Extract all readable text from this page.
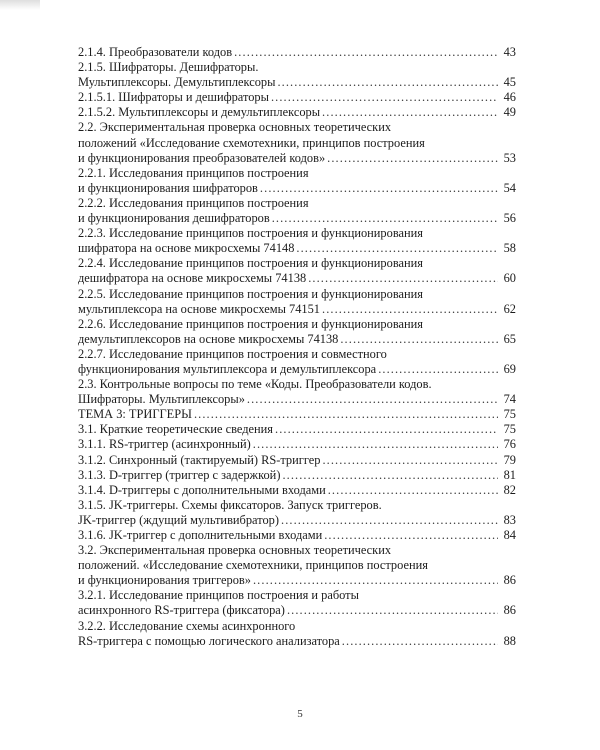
2.1.4. Преобразователи кодов . . .	43
2.1.5. Шифраторы. Дешифраторы.
Мультиплексоры. Демультиплексоры . . .	45
2.1.5.1. Шифраторы и дешифраторы . . .	46
2.1.5.2. Мультиплексоры и демультиплексоры . . .	49
2.2. Экспериментальная проверка основных теоретических
положений «Исследование схемотехники, принципов построения
и функционирования преобразователей кодов» . . .	53
2.2.1. Исследования принципов построения
и функционирования шифраторов . . .	54
2.2.2. Исследования принципов построения
и функционирования дешифраторов . . .	56
2.2.3. Исследование принципов построения и функционирования
шифратора на основе микросхемы 74148 . . .	58
2.2.4. Исследование принципов построения и функционирования
дешифратора на основе микросхемы 74138 . . .	60
2.2.5. Исследование принципов построения и функционирования
мультиплексора на основе микросхемы 74151 . . .	62
2.2.6. Исследование принципов построения и функционирования
демультиплексоров на основе микросхемы 74138 . . .	65
2.2.7. Исследование принципов построения и совместного
функционирования мультиплексора и демультиплексора . . .	69
2.3. Контрольные вопросы по теме «Коды. Преобразователи кодов.
Шифраторы. Мультиплексоры» . . .	74
ТЕМА 3: ТРИГГЕРЫ . . .	75
3.1. Краткие теоретические сведения . . .	75
3.1.1. RS-триггер (асинхронный) . . .	76
3.1.2. Синхронный (тактируемый) RS-триггер . . .	79
3.1.3. D-триггер (триггер с задержкой) . . .	81
3.1.4. D-триггеры с дополнительными входами . . .	82
3.1.5. JK-триггеры. Схемы фиксаторов. Запуск триггеров.
JK-триггер (ждущий мультивибратор) . . .	83
3.1.6. JK-триггер с дополнительными входами . . .	84
3.2. Экспериментальная проверка основных теоретических
положений. «Исследование схемотехники, принципов построения
и функционирования триггеров» . . .	86
3.2.1. Исследование принципов построения и работы
асинхронного RS-триггера (фиксатора) . . .	86
3.2.2. Исследование схемы асинхронного
RS-триггера с помощью логического анализатора . . .	88
5
